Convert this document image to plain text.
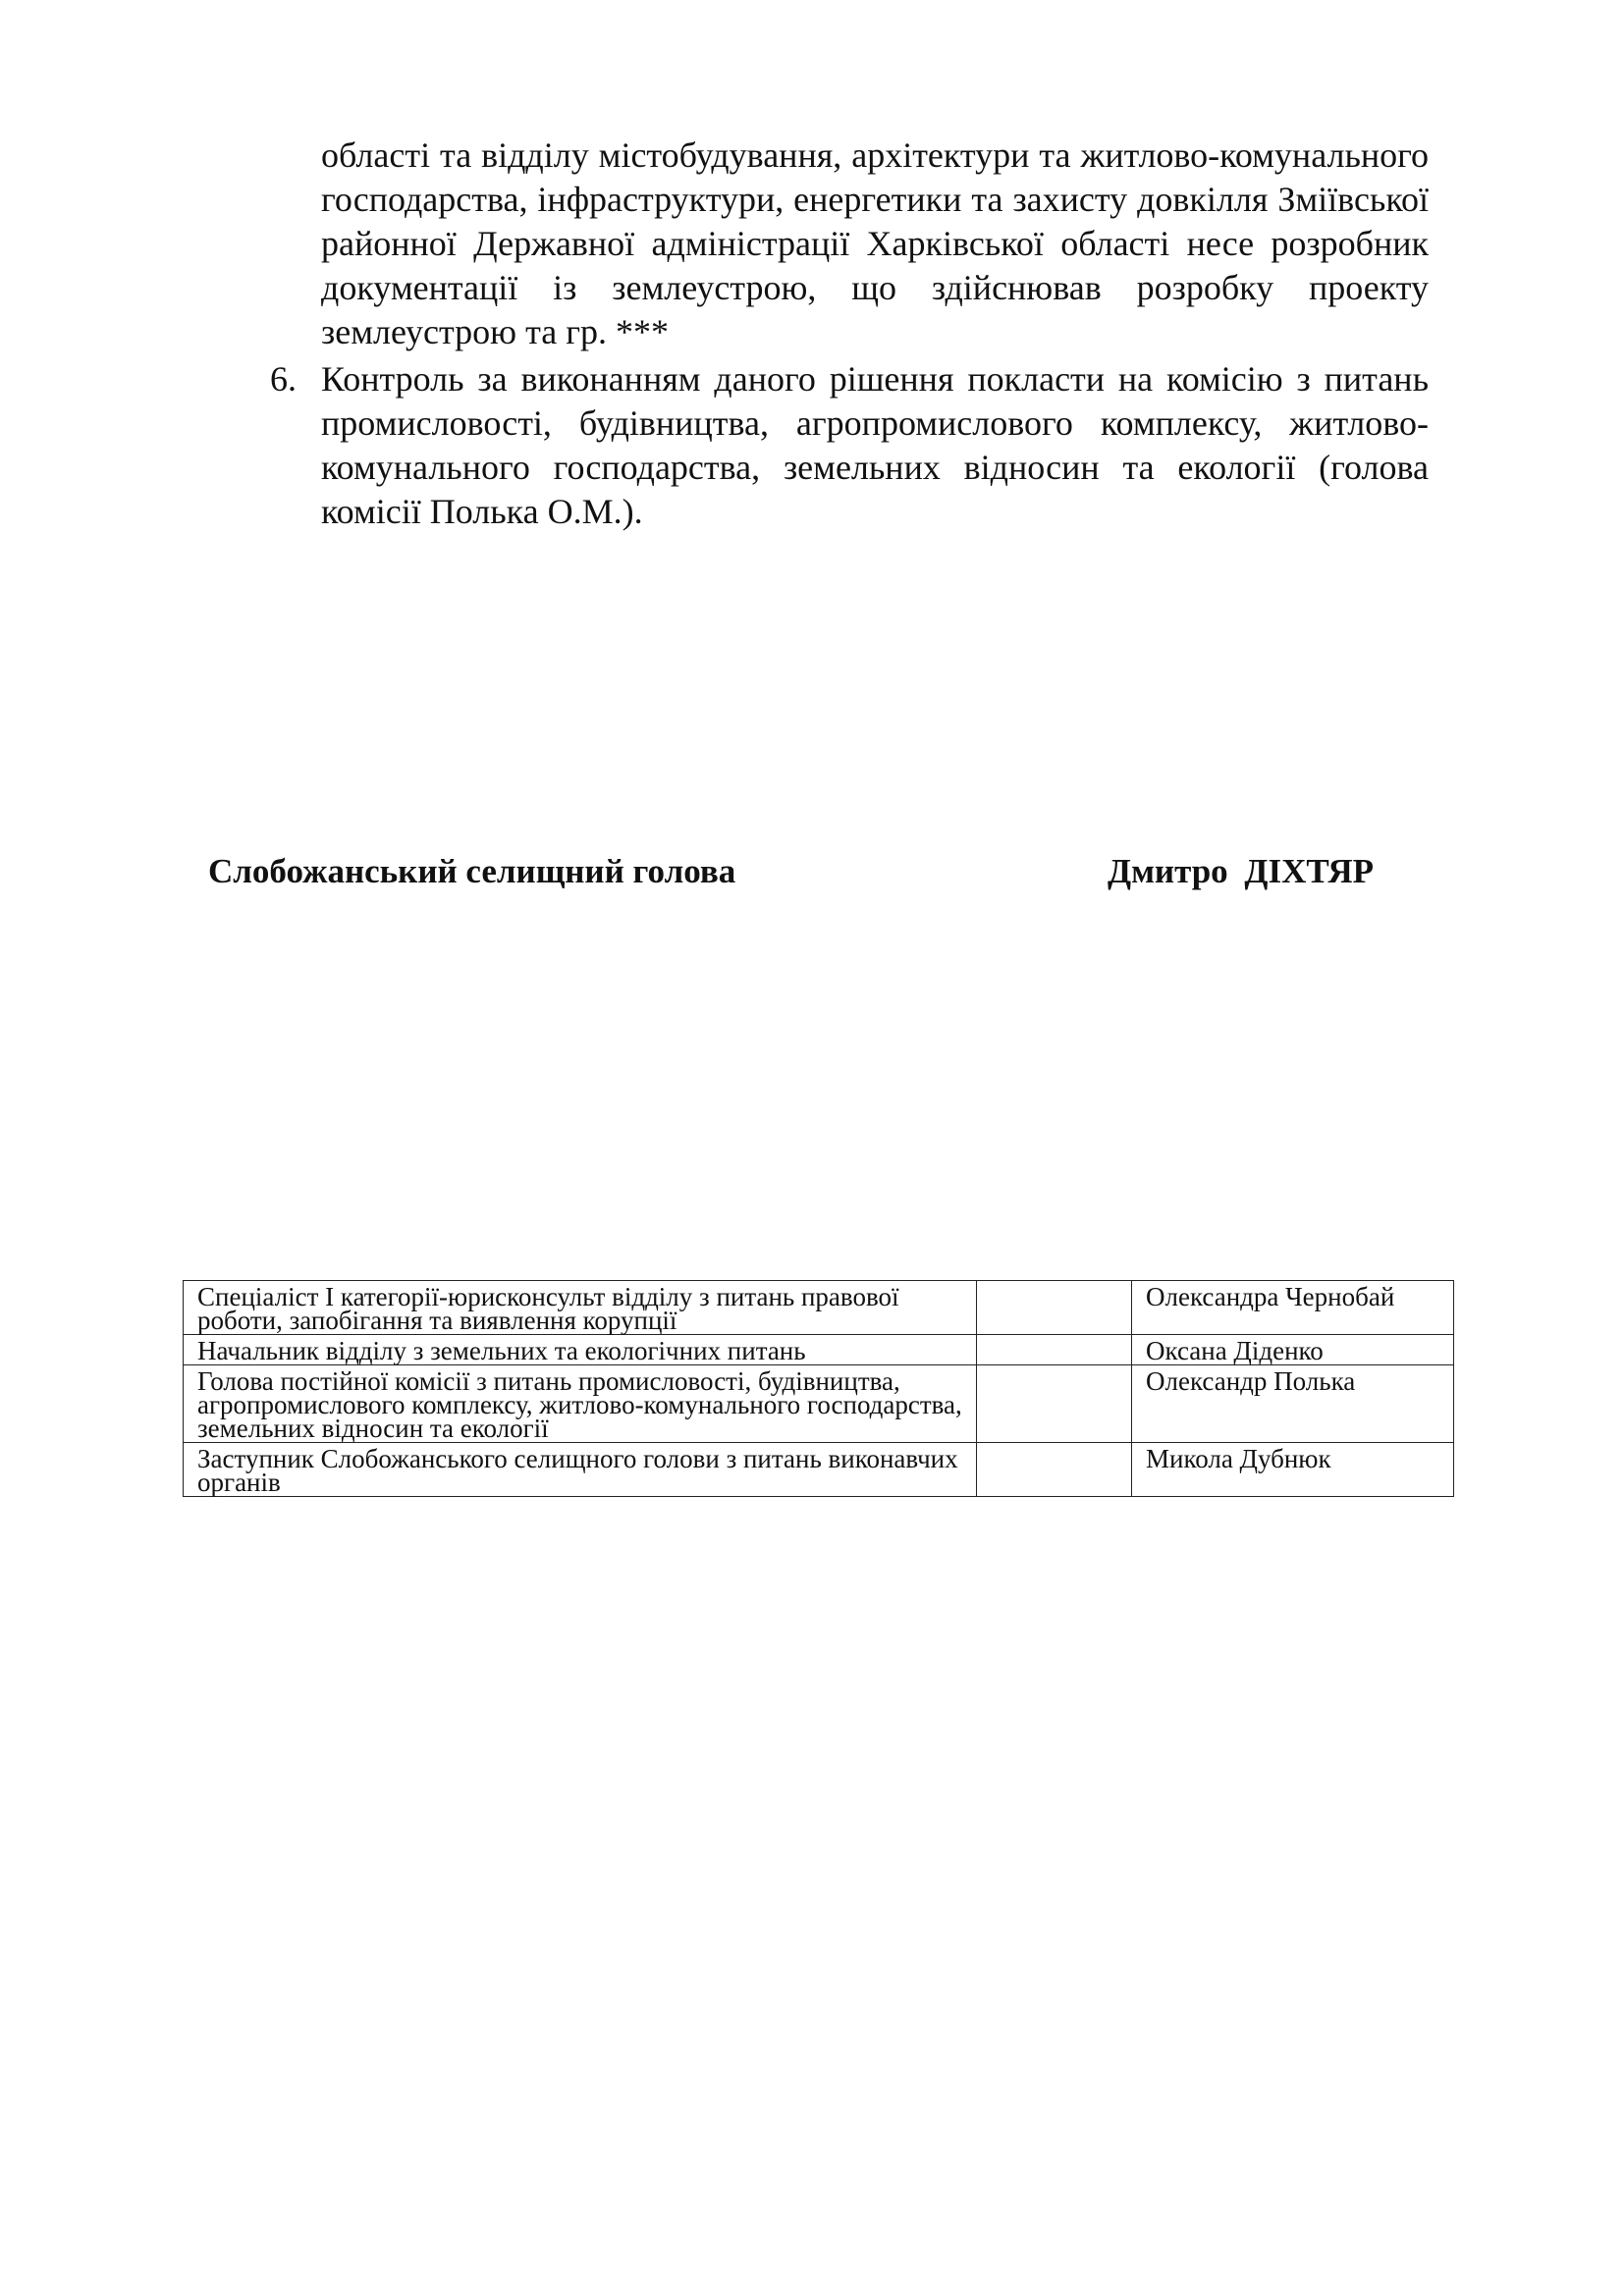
області та відділу містобудування, архітектури та житлово-комунального господарства, інфраструктури, енергетики та захисту довкілля Зміївської районної Державної адміністрації Харківської області несе розробник документації із землеустрою, що здійснював розробку проекту землеустрою та гр. ***

6. Контроль за виконанням даного рішення покласти на комісію з питань промисловості, будівництва, агропромислового комплексу, житлово-комунального господарства, земельних відносин та екології (голова комісії Полька О.М.).
Слобожанський селищний голова	Дмитро ДІХТЯР
Спеціаліст І категорії-юрисконсульт відділу з питань правової роботи, запобігання та виявлення корупції		Олександра Чернобай
Начальник відділу з земельних та екологічних питань		Оксана Діденко
Голова постійної комісії з питань промисловості, будівництва, агропромислового комплексу, житлово-комунального господарства, земельних відносин та екології		Олександр Полька
Заступник Слобожанського селищного голови з питань виконавчих органів		Микола Дубнюк
